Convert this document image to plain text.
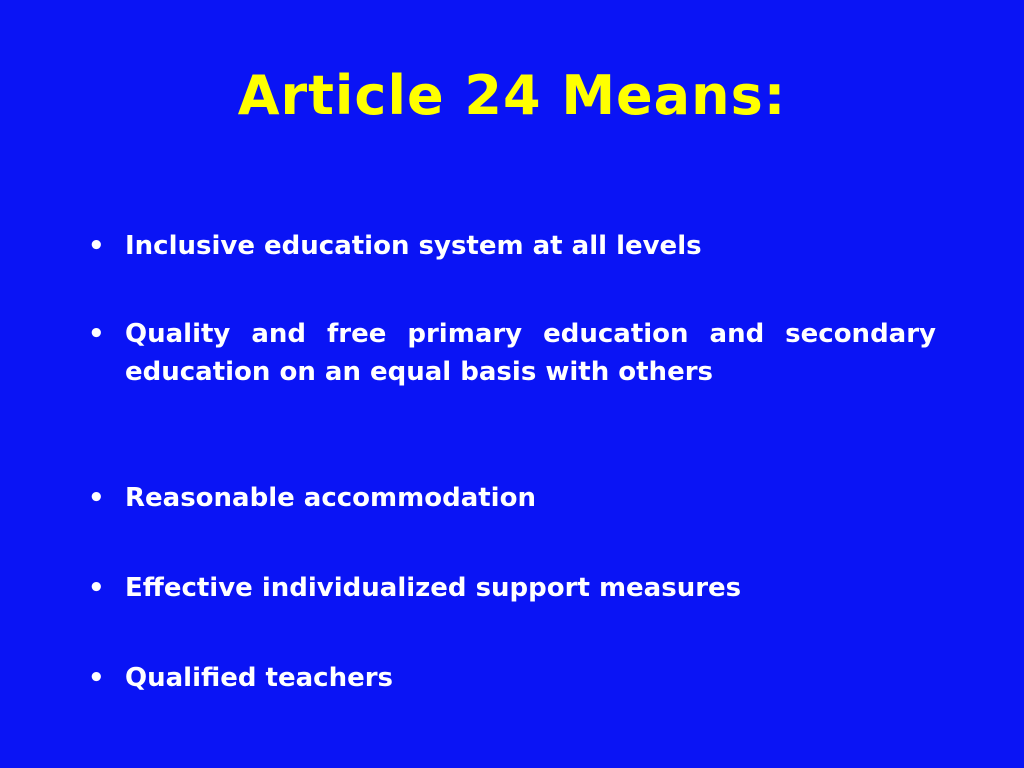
Article 24 Means:
• Inclusive education system at all levels
• Quality and free primary education and secondary education on an equal basis with others
• Reasonable accommodation
• Effective individualized support measures
• Qualified teachers
